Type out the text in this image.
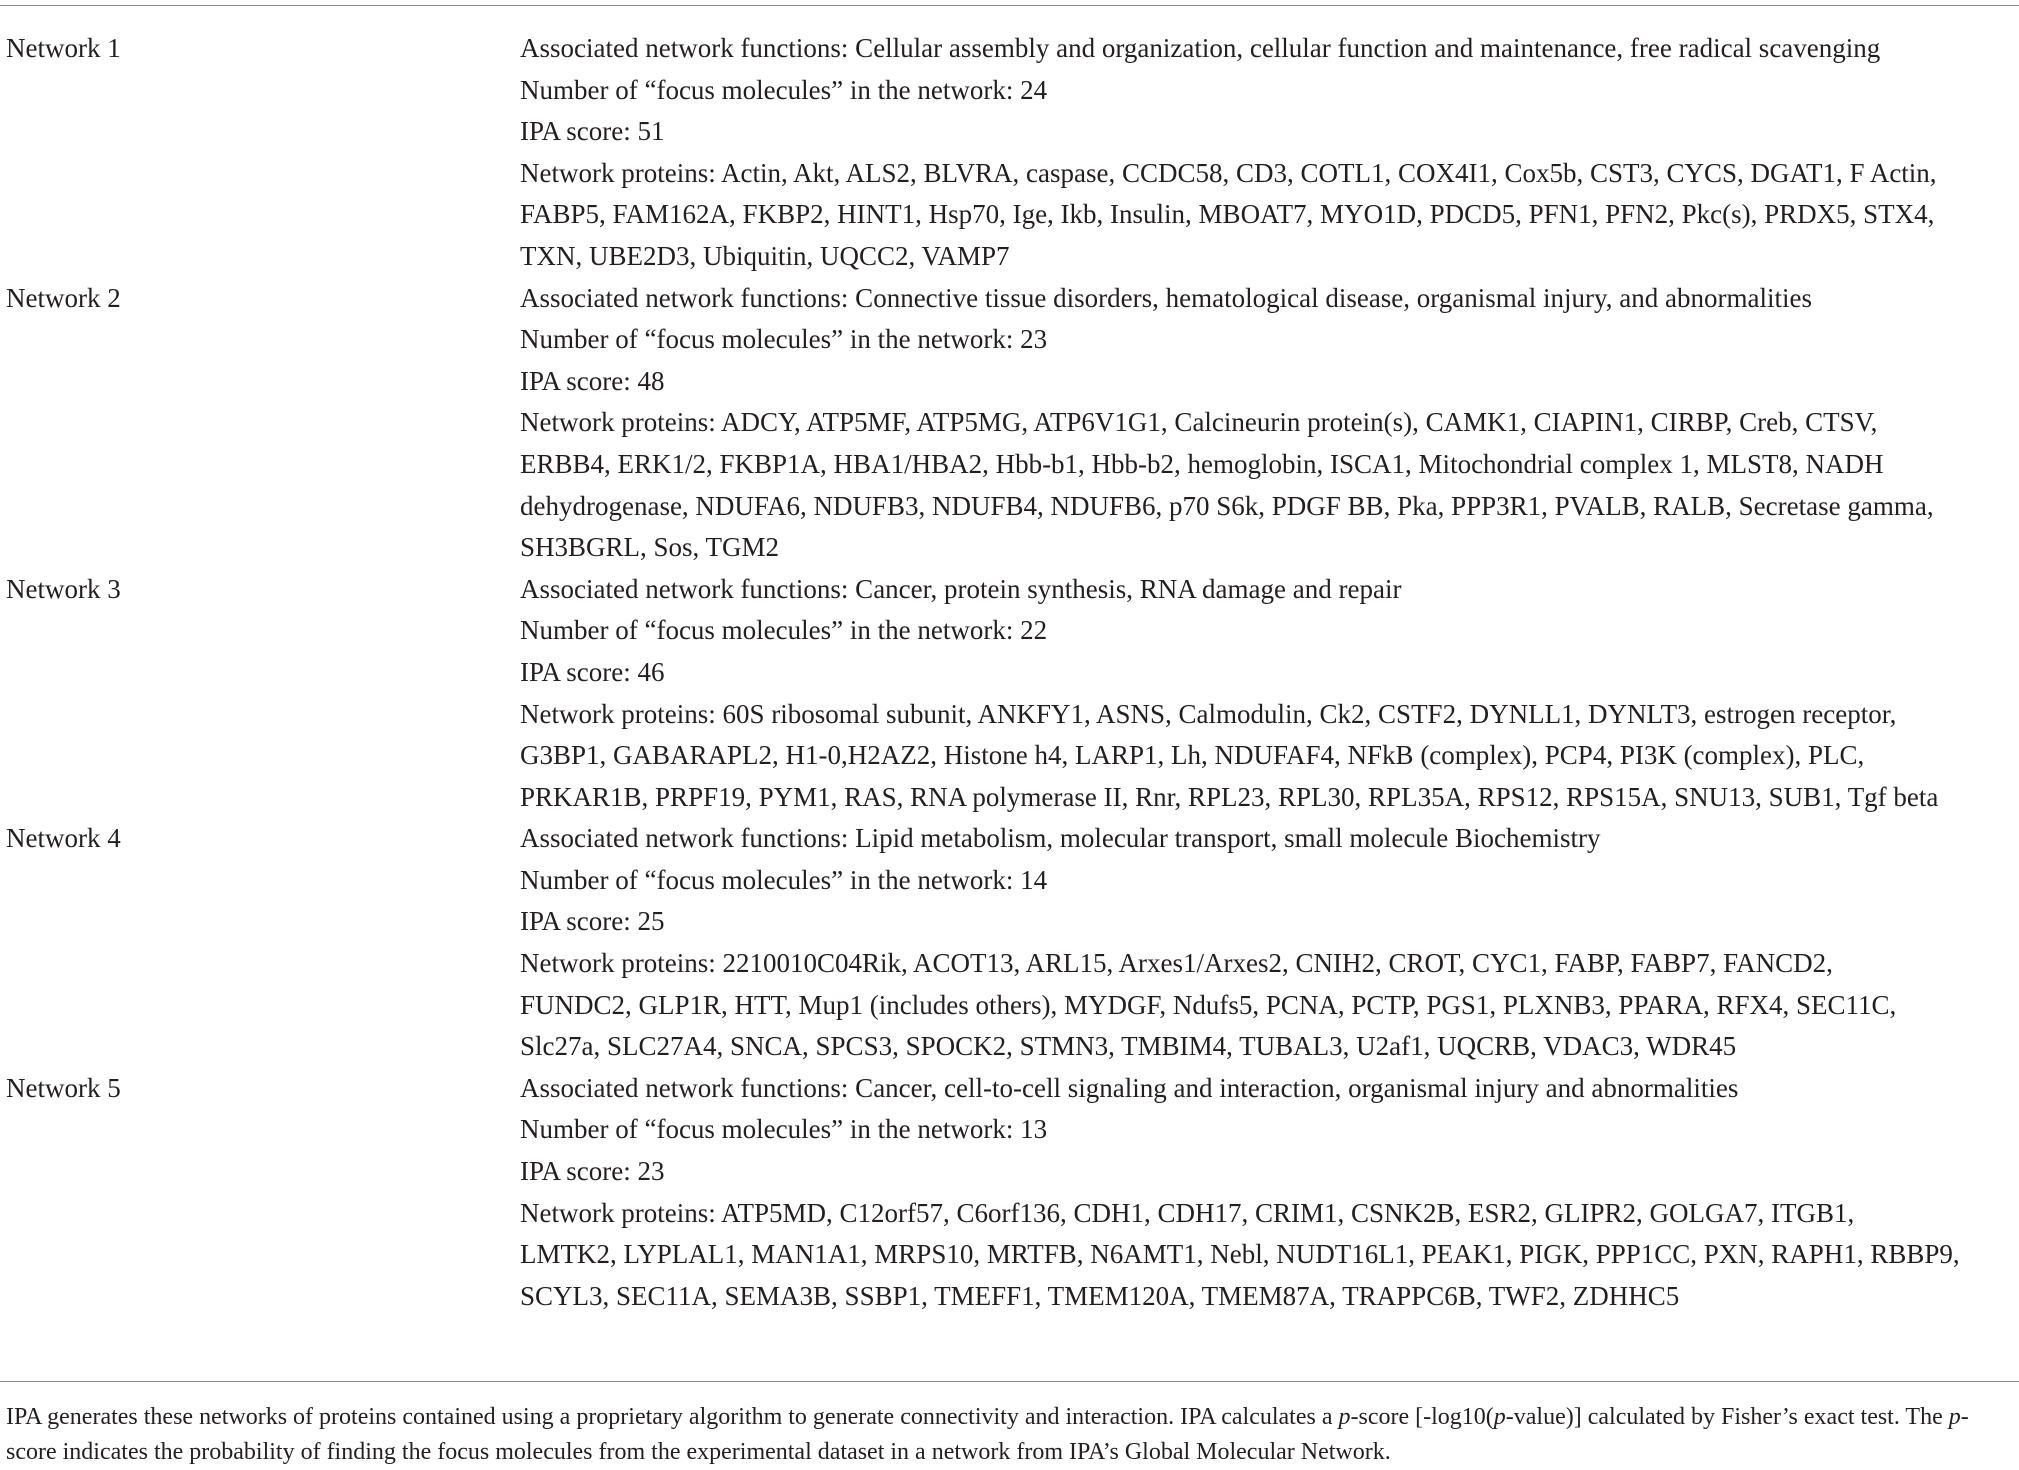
Network 1	Associated network functions: Cellular assembly and organization, cellular function and maintenance, free radical scavenging
Number of “focus molecules” in the network: 24
IPA score: 51
Network proteins: Actin, Akt, ALS2, BLVRA, caspase, CCDC58, CD3, COTL1, COX4I1, Cox5b, CST3, CYCS, DGAT1, F Actin,
FABP5, FAM162A, FKBP2, HINT1, Hsp70, Ige, Ikb, Insulin, MBOAT7, MYO1D, PDCD5, PFN1, PFN2, Pkc(s), PRDX5, STX4,
TXN, UBE2D3, Ubiquitin, UQCC2, VAMP7
Network 2	Associated network functions: Connective tissue disorders, hematological disease, organismal injury, and abnormalities
Number of “focus molecules” in the network: 23
IPA score: 48
Network proteins: ADCY, ATP5MF, ATP5MG, ATP6V1G1, Calcineurin protein(s), CAMK1, CIAPIN1, CIRBP, Creb, CTSV,
ERBB4, ERK1/2, FKBP1A, HBA1/HBA2, Hbb-b1, Hbb-b2, hemoglobin, ISCA1, Mitochondrial complex 1, MLST8, NADH
dehydrogenase, NDUFA6, NDUFB3, NDUFB4, NDUFB6, p70 S6k, PDGF BB, Pka, PPP3R1, PVALB, RALB, Secretase gamma,
SH3BGRL, Sos, TGM2
Network 3	Associated network functions: Cancer, protein synthesis, RNA damage and repair
Number of “focus molecules” in the network: 22
IPA score: 46
Network proteins: 60S ribosomal subunit, ANKFY1, ASNS, Calmodulin, Ck2, CSTF2, DYNLL1, DYNLT3, estrogen receptor,
G3BP1, GABARAPL2, H1-0,H2AZ2, Histone h4, LARP1, Lh, NDUFAF4, NFkB (complex), PCP4, PI3K (complex), PLC,
PRKAR1B, PRPF19, PYM1, RAS, RNA polymerase II, Rnr, RPL23, RPL30, RPL35A, RPS12, RPS15A, SNU13, SUB1, Tgf beta
Network 4	Associated network functions: Lipid metabolism, molecular transport, small molecule Biochemistry
Number of “focus molecules” in the network: 14
IPA score: 25
Network proteins: 2210010C04Rik, ACOT13, ARL15, Arxes1/Arxes2, CNIH2, CROT, CYC1, FABP, FABP7, FANCD2,
FUNDC2, GLP1R, HTT, Mup1 (includes others), MYDGF, Ndufs5, PCNA, PCTP, PGS1, PLXNB3, PPARA, RFX4, SEC11C,
Slc27a, SLC27A4, SNCA, SPCS3, SPOCK2, STMN3, TMBIM4, TUBAL3, U2af1, UQCRB, VDAC3, WDR45
Network 5	Associated network functions: Cancer, cell-to-cell signaling and interaction, organismal injury and abnormalities
Number of “focus molecules” in the network: 13
IPA score: 23
Network proteins: ATP5MD, C12orf57, C6orf136, CDH1, CDH17, CRIM1, CSNK2B, ESR2, GLIPR2, GOLGA7, ITGB1,
LMTK2, LYPLAL1, MAN1A1, MRPS10, MRTFB, N6AMT1, Nebl, NUDT16L1, PEAK1, PIGK, PPP1CC, PXN, RAPH1, RBBP9,
SCYL3, SEC11A, SEMA3B, SSBP1, TMEFF1, TMEM120A, TMEM87A, TRAPPC6B, TWF2, ZDHHC5
IPA generates these networks of proteins contained using a proprietary algorithm to generate connectivity and interaction. IPA calculates a p-score [-log10(p-value)] calculated by Fisher’s exact test. The p-score indicates the probability of finding the focus molecules from the experimental dataset in a network from IPA’s Global Molecular Network.
